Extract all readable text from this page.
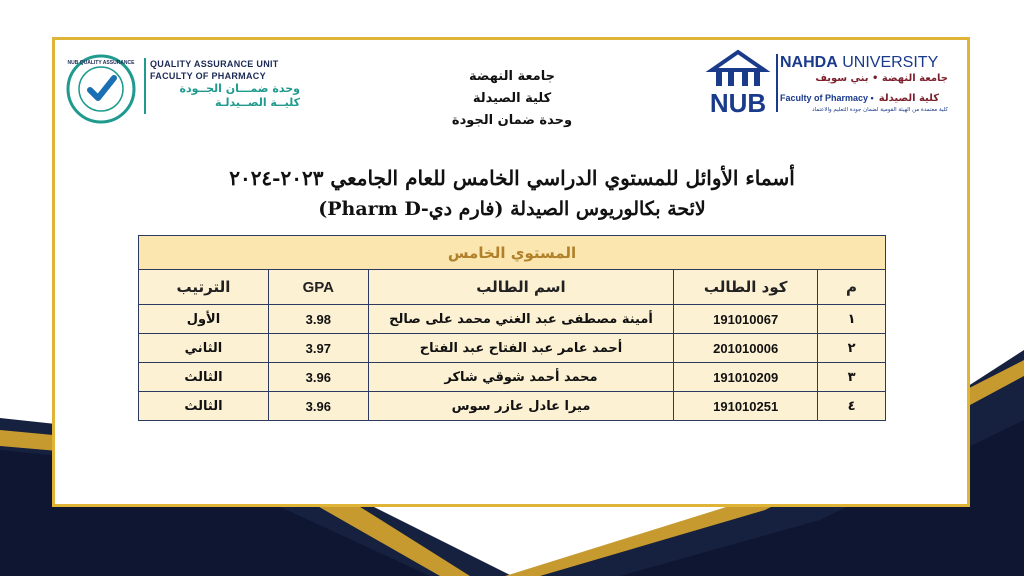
NUB QUALITY ASSURANCE QUALITY ASSURANCE UNIT
FACULTY OF PHARMACY
وحدة ضمـــان الجــودة
كليــة الصــيدلـة
جامعة النهضة
كلية الصيدلة
وحدة ضمان الجودة
NUB
NAHDA UNIVERSITY
جامعة النهضة • بني سويف
Faculty of Pharmacy • كلية الصيدلة
كلية معتمدة من الهيئة القومية لضمان جودة التعليم والاعتماد
أسماء الأوائل للمستوي الدراسي الخامس للعام الجامعي ٢٠٢٣-٢٠٢٤
لائحة بكالوريوس الصيدلة (فارم دي-Pharm D)
المستوي الخامس				
م	كود الطالب	اسم الطالب	GPA	الترتيب
١	191010067	أمينة مصطفى عبد الغني محمد على صالح	3.98	الأول
٢	201010006	أحمد عامر عبد الفتاح عبد الفتاح	3.97	الثاني
٣	191010209	محمد أحمد شوقي شاكر	3.96	الثالث
٤	191010251	ميرا عادل عازر سوس	3.96	الثالث
